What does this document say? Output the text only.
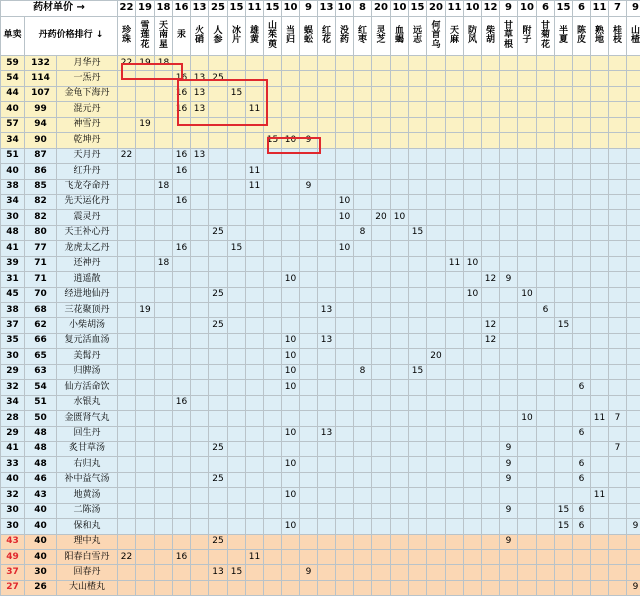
药材单价 →			22	19	18	16	13	25	15	11	15	10	9	13	10	8	20	10	15	20	11	10	12	9	10	6	15	6	11	7	9
单卖	丹药价格排行 ↓		珍珠	雪莲花	天南星	汞	火硝	人参	冰片	雄黄	山茱萸	当归	蜈蚣	红花	没药	红枣	灵芝	血蝎	远志	何首乌	天麻	防风	柴胡	甘草根	附子	甘菊花	半夏	陈皮	熟地	桂枝	山楂
59	132	月华丹	22	19	18																										
54	114	一炁丹				16	13	25																							
44	107	金龟下海丹				16	13		15																						
40	99	混元丹				16	13			11																					
57	94	神雪丹		19																											
34	90	乾坤丹									15	10	9																		
51	87	天月丹	22			16	13																								
40	86	红升丹				16				11																					
38	85	飞龙夺命丹			18					11			9																		
34	82	先天运化丹				16									10																
30	82	震灵丹													10		20	10													
48	80	天王补心丹						25								8			15												
41	77	龙虎太乙丹				16			15						10																
39	71	还神丹			18																11	10									
31	71	逍遥散										10											12	9							
45	70	经进地仙丹						25														10			10						
38	68	三花聚顶丹		19										13												6					
37	62	小柴胡汤						25															12				15				
35	66	复元活血汤										10		13									12								
30	65	美髯丹										10								20											
29	63	归脾汤										10				8			15												
32	54	仙方活命饮										10																6			
34	51	水银丸				16																									
28	50	金匮肾气丸																							10				11	7	
29	48	回生丹										10		13														6			
41	48	炙甘草汤						25																9						7	
33	48	右归丸										10												9				6			
40	46	补中益气汤						25																9				6			
32	43	地黄汤										10																	11		
30	40	二陈汤																						9			15	6			
30	40	保和丸										10															15	6			9
43	40	理中丸						25																9							
49	40	阳春白雪丹	22			16				11																					
37	30	回春丹						13	15				9																		
27	26	大山楂丸																													9
